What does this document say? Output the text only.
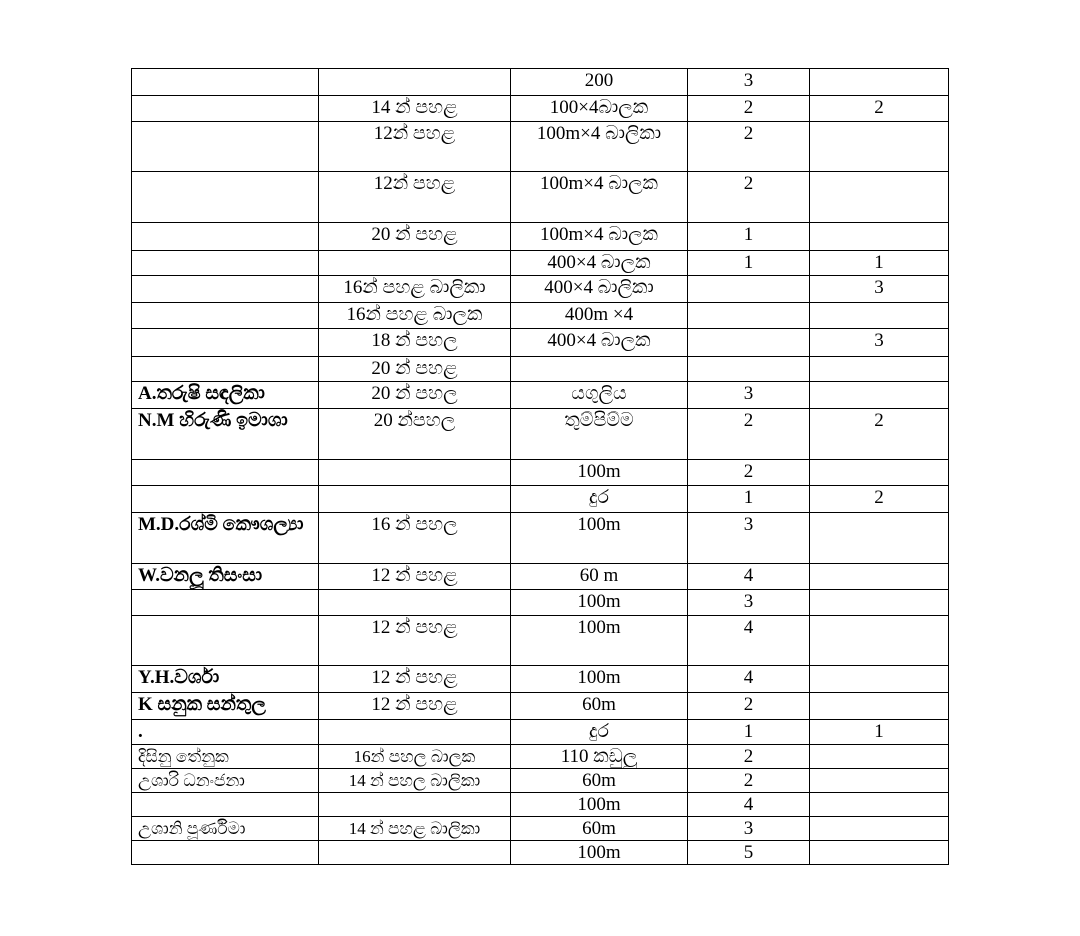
		200	3	
	14 න් පහළ	100×4බාලක	2	2
	12න් පහළ	100m×4 බාලිකා	2	
	12න් පහළ	100m×4 බාලක	2	
	20 න් පහළ	100m×4 බාලක	1	
		400×4 බාලක	1	1
	16න් පහළ බාලිකා	400×4 බාලිකා		3
	16න් පහළ බාලක	400m ×4		
	18 න් පහල	400×4 බාලක		3
	20 න් පහළ			
A.තරුෂි සඳලිකා	20 න් පහල	යගුලිය	3	
N.M හිරුණි ඉමාශා	20 න්පහල	තුම්පිම්ම	2	2
		100m	2	
		දුර	1	2
M.D.රශ්මි කෞශල්‍යා	16 න් පහල	100m	3	
W.වනලූ තිසංසා	12 න් පහළ	60 m	4	
		100m	3	
	12 න් පහළ	100m	4	
Y.H.වර්ශා	12 න් පහළ	100m	4	
K සනුක සන්තුල	12 න් පහළ	60m	2	
.		දුර	1	1
දිසිනු තේනුක	16න් පහල බාලක	110 කඩුලු	2	
උශාරි ධනංජනා	14 න් පහල බාලිකා	60m	2	
		100m	4	
උශානි පූර්ණිමා	14 න් පහළ බාලිකා	60m	3	
		100m	5	
